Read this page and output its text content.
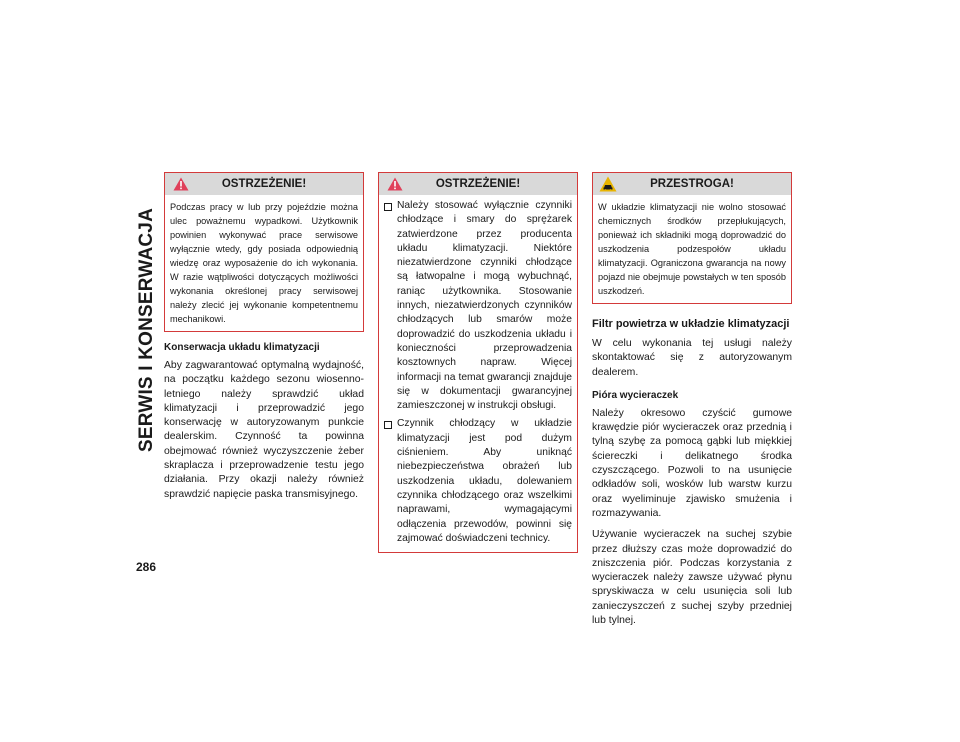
SERWIS I KONSERWACJA
286
OSTRZEŻENIE!
Podczas pracy w lub przy pojeździe można ulec poważnemu wypadkowi. Użytkownik powinien wykonywać prace serwisowe wyłącznie wtedy, gdy posiada odpowiednią wiedzę oraz wyposażenie do ich wykonania. W razie wątpliwości dotyczących możliwości wykonania określonej pracy serwisowej należy zlecić jej wykonanie kompetentnemu mechanikowi.
Konserwacja układu klimatyzacji

Aby zagwarantować optymalną wydajność, na początku każdego sezonu wiosenno-letniego należy sprawdzić układ klimatyzacji i przeprowadzić jego konserwację w autoryzowanym punkcie dealerskim. Czynność ta powinna obejmować również wyczyszczenie żeber skraplacza i przeprowadzenie testu jego działania. Przy okazji należy również sprawdzić napięcie paska transmisyjnego.

OSTRZEŻENIE!
Należy stosować wyłącznie czynniki chłodzące i smary do sprężarek zatwierdzone przez producenta układu klimatyzacji. Niektóre niezatwierdzone czynniki chłodzące są łatwopalne i mogą wybuchnąć, raniąc użytkownika. Stosowanie innych, niezatwierdzonych czynników chłodzących lub smarów może doprowadzić do uszkodzenia układu i konieczności przeprowadzenia kosztownych napraw. Więcej informacji na temat gwarancji znajduje się w dokumentacji gwarancyjnej zamieszczonej w instrukcji obsługi.
Czynnik chłodzący w układzie klimatyzacji jest pod dużym ciśnieniem. Aby uniknąć niebezpieczeństwa obrażeń lub uszkodzenia układu, dolewaniem czynnika chłodzącego oraz wszelkimi naprawami, wymagającymi odłączenia przewodów, powinni się zajmować doświadczeni technicy.
PRZESTROGA!
W układzie klimatyzacji nie wolno stosować chemicznych środków przepłukujących, ponieważ ich składniki mogą doprowadzić do uszkodzenia podzespołów układu klimatyzacji. Ograniczona gwarancja na nowy pojazd nie obejmuje powstałych w ten sposób uszkodzeń.
Filtr powietrza w układzie klimatyzacji

W celu wykonania tej usługi należy skontaktować się z autoryzowanym dealerem.

Pióra wycieraczek

Należy okresowo czyścić gumowe krawędzie piór wycieraczek oraz przednią i tylną szybę za pomocą gąbki lub miękkiej ściereczki i delikatnego środka czyszczącego. Pozwoli to na usunięcie odkładów soli, wosków lub warstw kurzu oraz wyeliminuje zjawisko smużenia i rozmazywania.

Używanie wycieraczek na suchej szybie przez dłuższy czas może doprowadzić do zniszczenia piór. Podczas korzystania z wycieraczek należy zawsze używać płynu spryskiwacza w celu usunięcia soli lub zanieczyszczeń z suchej szyby przedniej lub tylnej.
